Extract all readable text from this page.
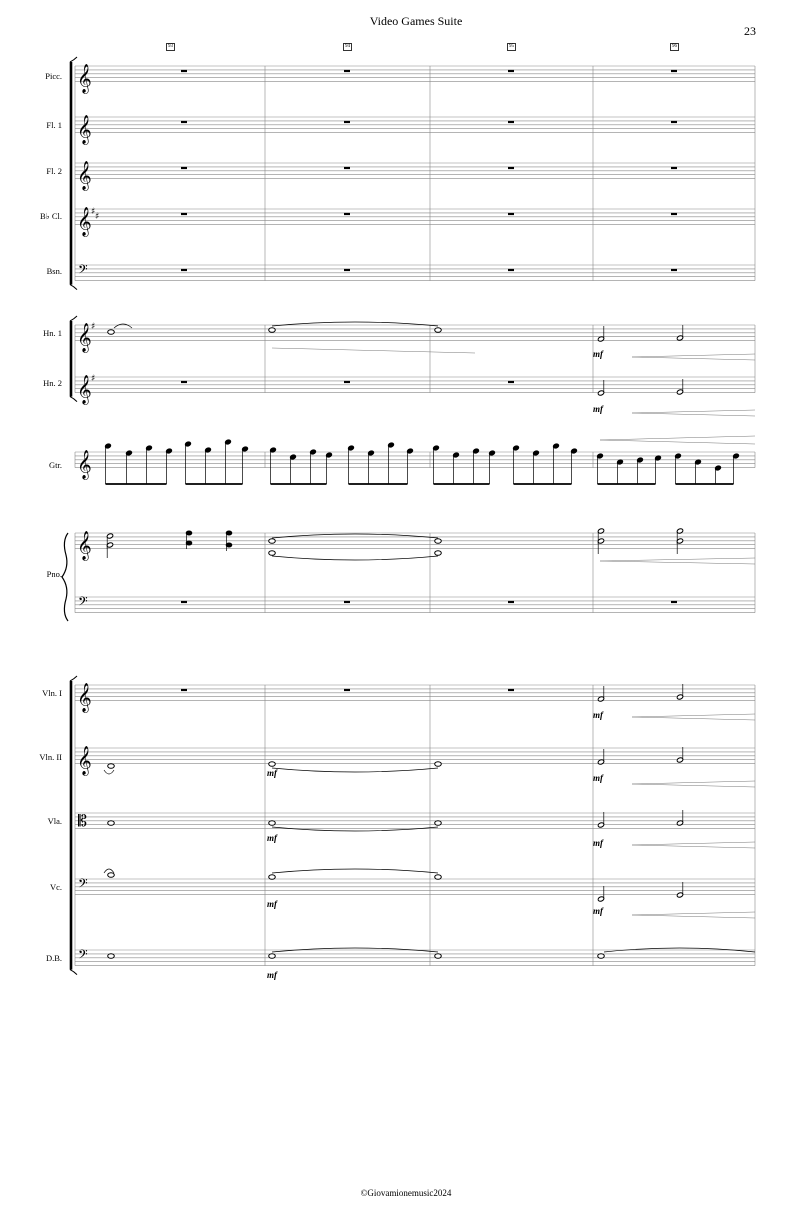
Video Games Suite
23
93	94	95	96
Picc.
Fl. 1
Fl. 2
B♭ Cl.
Bsn.
Hn. 1
Hn. 2
Gtr.
Pno.
Vln. I
Vln. II
Vla.
Vc.
D.B.
mf
mf
mf
mf	mf
mf	mf
mf
mf
mf
𝄞
𝄞
𝄞
𝄞
𝄞
𝄞
𝄞
𝄞
𝄞
𝄞
𝄢
𝄢
𝄢
𝄢
𝄡
♯ ♯
♯
♯
©Giovamionemusic2024
